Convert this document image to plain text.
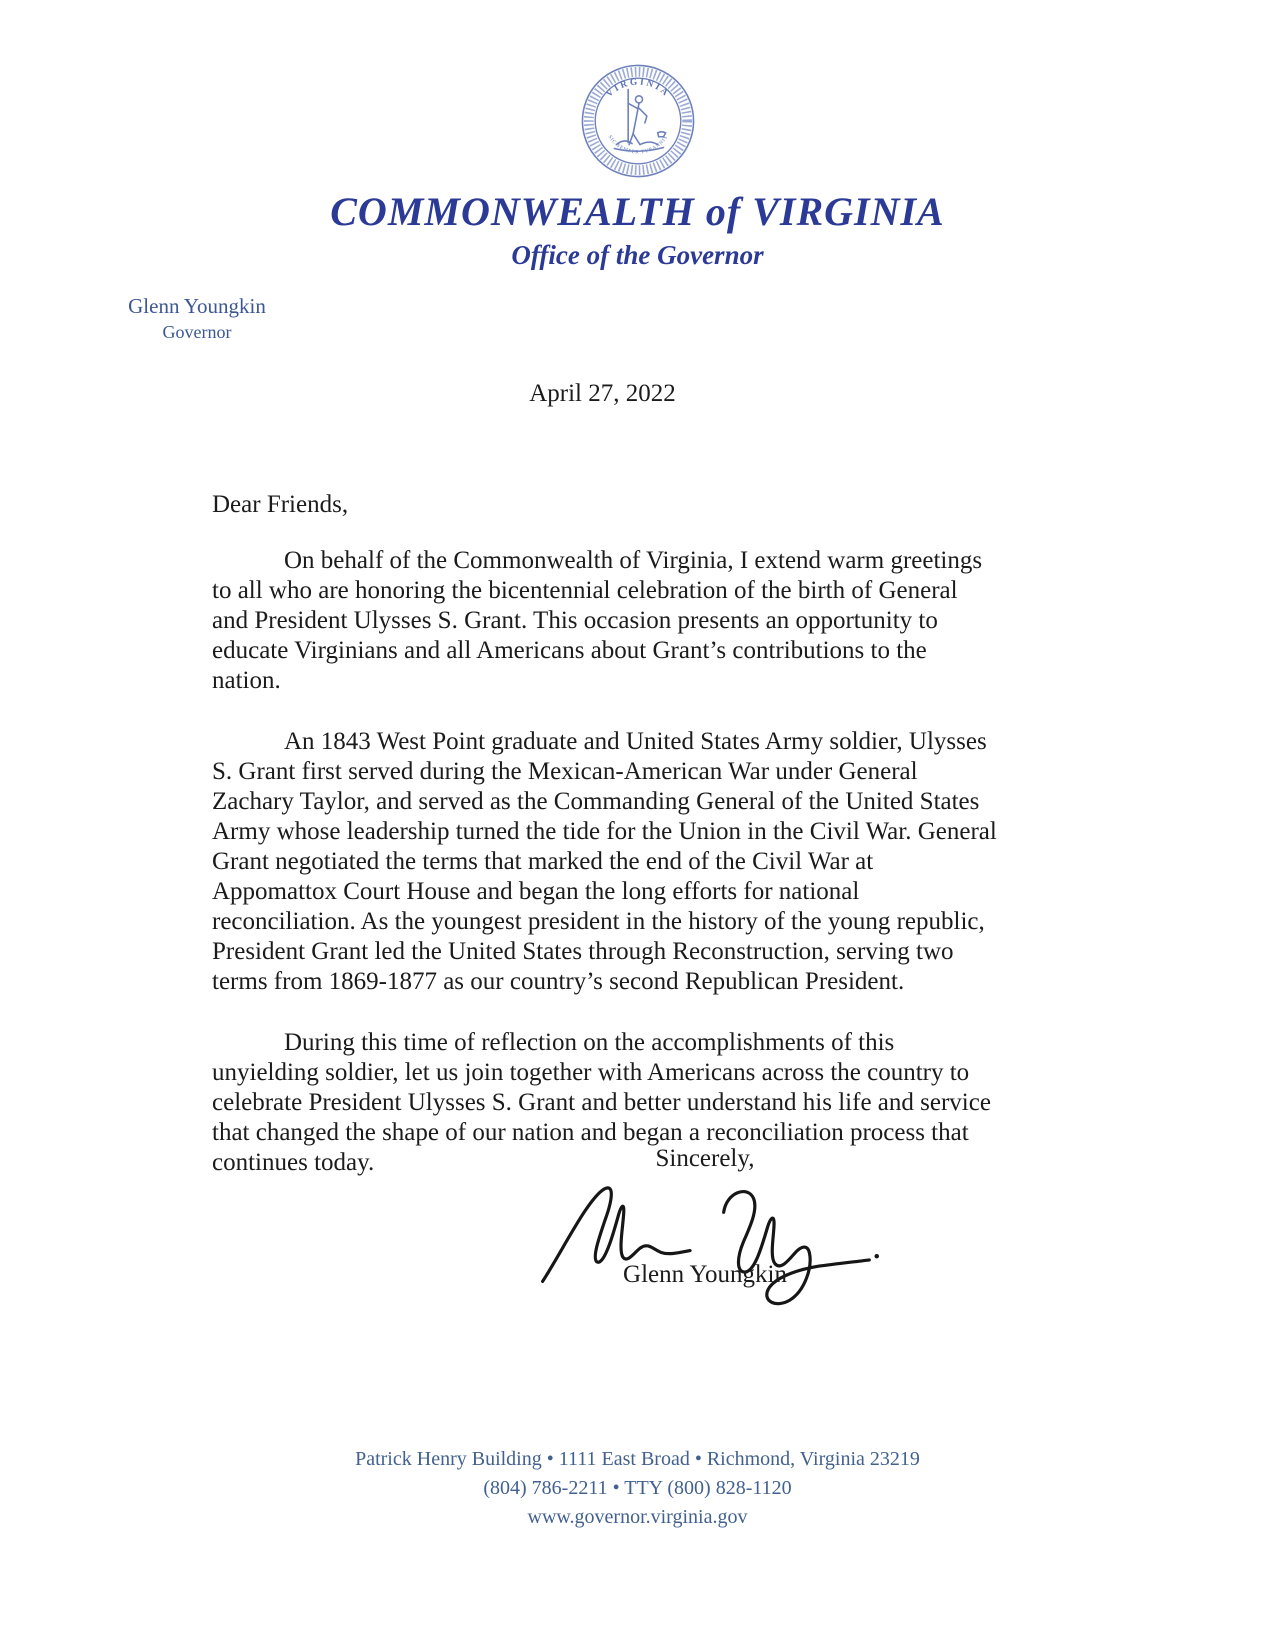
VIRGINIA
SIC SEMPER TYRANNIS
COMMONWEALTH of VIRGINIA
Office of the Governor
Glenn Youngkin
Governor
April 27, 2022
Dear Friends,

On behalf of the Commonwealth of Virginia, I extend warm greetings to all who are honoring the bicentennial celebration of the birth of General and President Ulysses S. Grant. This occasion presents an opportunity to educate Virginians and all Americans about Grant’s contributions to the nation.

An 1843 West Point graduate and United States Army soldier, Ulysses S. Grant first served during the Mexican-American War under General Zachary Taylor, and served as the Commanding General of the United States Army whose leadership turned the tide for the Union in the Civil War. General Grant negotiated the terms that marked the end of the Civil War at Appomattox Court House and began the long efforts for national reconciliation. As the youngest president in the history of the young republic, President Grant led the United States through Reconstruction, serving two terms from 1869-1877 as our country’s second Republican President.

During this time of reflection on the accomplishments of this unyielding soldier, let us join together with Americans across the country to celebrate President Ulysses S. Grant and better understand his life and service that changed the shape of our nation and began a reconciliation process that continues today.	Sincerely,
Glenn Youngkin
Patrick Henry Building • 1111 East Broad • Richmond, Virginia 23219
(804) 786-2211 • TTY (800) 828-1120
www.governor.virginia.gov
